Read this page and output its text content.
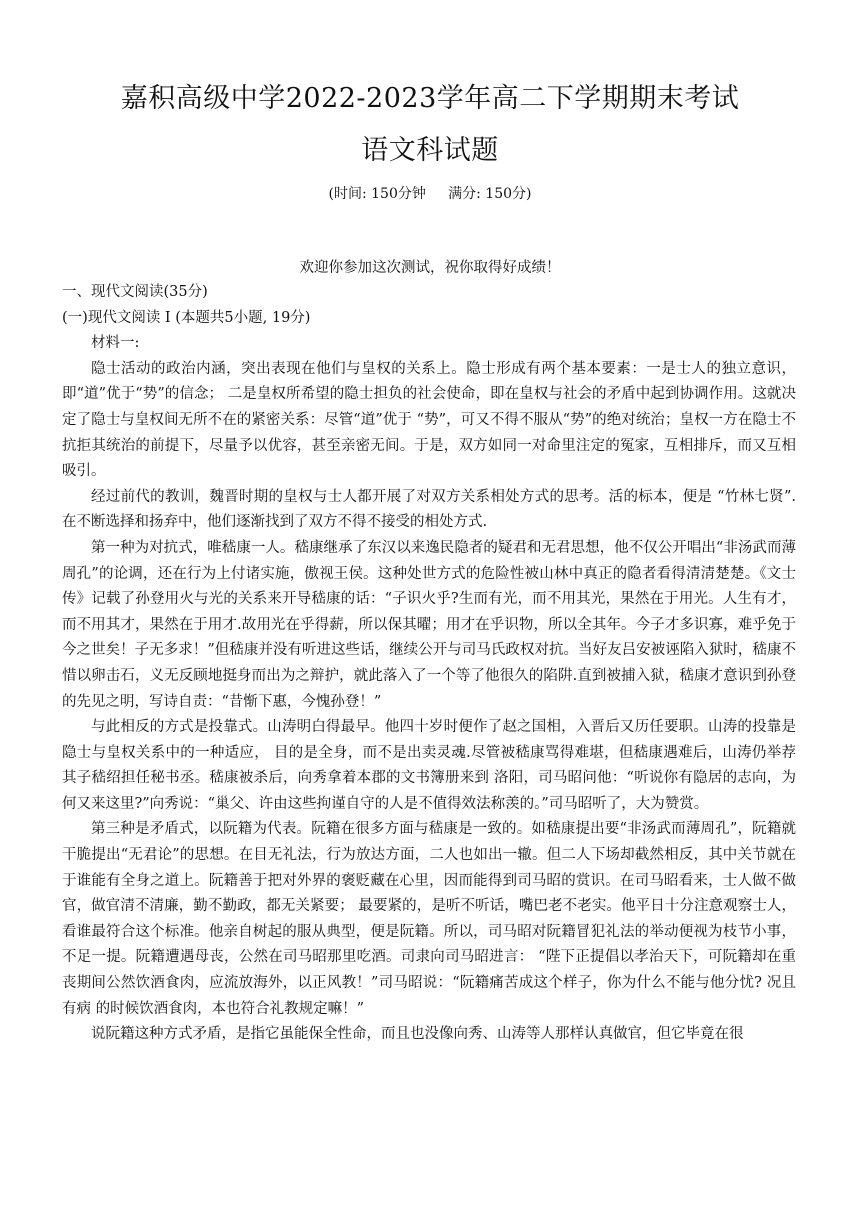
嘉积高级中学2022-2023学年高二下学期期末考试
语文科试题
(时间: 150分钟     满分: 150分)
欢迎你参加这次测试，祝你取得好成绩！

一、现代文阅读(35分)

(一)现代文阅读 Ⅰ (本题共5小题, 19分)

材料一:

隐士活动的政治内涵，突出表现在他们与皇权的关系上。隐士形成有两个基本要素：一是士人的独立意识，即“道”优于“势”的信念； 二是皇权所希望的隐士担负的社会使命，即在皇权与社会的矛盾中起到协调作用。这就决定了隐士与皇权间无所不在的紧密关系：尽管“道”优于 “势”，可又不得不服从“势”的绝对统治；皇权一方在隐士不抗拒其统治的前提下，尽量予以优容，甚至亲密无间。于是，双方如同一对命里注定的冤家，互相排斥，而又互相吸引。

经过前代的教训，魏晋时期的皇权与士人都开展了对双方关系相处方式的思考。活的标本，便是 “竹林七贤”.在不断选择和扬弃中，他们逐渐找到了双方不得不接受的相处方式.

第一种为对抗式，唯嵇康一人。嵇康继承了东汉以来逸民隐者的疑君和无君思想，他不仅公开唱出“非汤武而薄周孔”的论调，还在行为上付诸实施，傲视王侯。这种处世方式的危险性被山林中真正的隐者看得清清楚楚。《文士传》记载了孙登用火与光的关系来开导嵇康的话：“子识火乎?生而有光，而不用其光，果然在于用光。人生有才，而不用其才，果然在于用才.故用光在乎得薪，所以保其曜；用才在乎识物，所以全其年。今子才多识寡，难乎免于今之世矣！子无多求！”但嵇康并没有听进这些话，继续公开与司马氏政权对抗。当好友吕安被诬陷入狱时，嵇康不惜以卵击石，义无反顾地挺身而出为之辩护，就此落入了一个等了他很久的陷阱.直到被捕入狱，嵇康才意识到孙登的先见之明，写诗自责：“昔惭下惠，今愧孙登！”

与此相反的方式是投靠式。山涛明白得最早。他四十岁时便作了赵之国相，入晋后又历任要职。山涛的投靠是隐士与皇权关系中的一种适应， 目的是全身，而不是出卖灵魂.尽管被嵇康骂得难堪，但嵇康遇难后，山涛仍举荐其子嵇绍担任秘书丞。嵇康被杀后，向秀拿着本郡的文书簿册来到 洛阳，司马昭问他：“听说你有隐居的志向，为何又来这里?”向秀说：“巢父、许由这些拘谨自守的人是不值得效法称羡的。”司马昭听了，大为赞赏。

第三种是矛盾式，以阮籍为代表。阮籍在很多方面与嵇康是一致的。如嵇康提出要“非汤武而薄周孔”，阮籍就干脆提出“无君论”的思想。在目无礼法，行为放达方面，二人也如出一辙。但二人下场却截然相反，其中关节就在于谁能有全身之道上。阮籍善于把对外界的褒贬藏在心里，因而能得到司马昭的赏识。在司马昭看来，士人做不做官，做官清不清廉，勤不勤政，都无关紧要； 最要紧的，是听不听话，嘴巴老不老实。他平日十分注意观察士人，看谁最符合这个标准。他亲自树起的服从典型，便是阮籍。所以，司马昭对阮籍冒犯礼法的举动便视为枝节小事，不足一提。阮籍遭遇母丧，公然在司马昭那里吃酒。司隶向司马昭进言： “陛下正提倡以孝治天下，可阮籍却在重丧期间公然饮酒食肉，应流放海外，以正风教！”司马昭说：“阮籍痛苦成这个样子，你为什么不能与他分忧? 况且有病 的时候饮酒食肉，本也符合礼教规定嘛！”

说阮籍这种方式矛盾，是指它虽能保全性命，而且也没像向秀、山涛等人那样认真做官，但它毕竟在很
